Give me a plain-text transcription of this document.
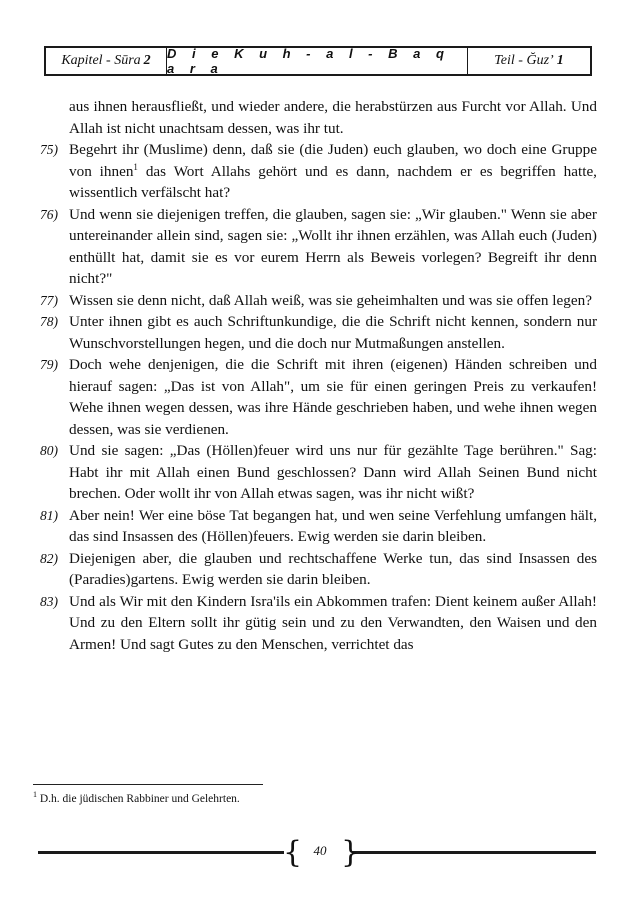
Kapitel - Sūra 2 D i e K u h - a l - B a q a r a
Teil - Ğuz’ 1

aus ihnen herausfließt, und wieder andere, die herabstürzen aus Furcht vor Allah. Und Allah ist nicht unachtsam dessen, was ihr tut.

75) Begehrt ihr (Muslime) denn, daß sie (die Juden) euch glauben, wo doch eine Gruppe von ihnen$^1$ das Wort Allahs gehört und es dann, nachdem er es begriffen hatte, wissentlich verfälscht hat?

76) Und wenn sie diejenigen treffen, die glauben, sagen sie: „Wir glauben." Wenn sie aber untereinander allein sind, sagen sie: „Wollt ihr ihnen erzählen, was Allah euch (Juden) enthüllt hat, damit sie es vor eurem Herrn als Beweis vorlegen? Begreift ihr denn nicht?"

77) Wissen sie denn nicht, daß Allah weiß, was sie geheimhalten und was sie offen legen?

78) Unter ihnen gibt es auch Schriftunkundige, die die Schrift nicht kennen, sondern nur Wunschvorstellungen hegen, und die doch nur Mutmaßungen anstellen.

79) Doch wehe denjenigen, die die Schrift mit ihren (eigenen) Händen schreiben und hierauf sagen: „Das ist von Allah", um sie für einen geringen Preis zu verkaufen! Wehe ihnen wegen dessen, was ihre Hände geschrieben haben, und wehe ihnen wegen dessen, was sie verdienen.

80) Und sie sagen: „Das (Höllen)feuer wird uns nur für gezählte Tage berühren." Sag: Habt ihr mit Allah einen Bund geschlossen? Dann wird Allah Seinen Bund nicht brechen. Oder wollt ihr von Allah etwas sagen, was ihr nicht wißt?

81) Aber nein! Wer eine böse Tat begangen hat, und wen seine Verfehlung umfangen hält, das sind Insassen des (Höllen)feuers. Ewig werden sie darin bleiben.

82) Diejenigen aber, die glauben und rechtschaffene Werke tun, das sind Insassen des (Paradies)gartens. Ewig werden sie darin bleiben.

83) Und als Wir mit den Kindern Isra'ils ein Abkommen trafen: Dient keinem außer Allah! Und zu den Eltern sollt ihr gütig sein und zu den Verwandten, den Waisen und den Armen! Und sagt Gutes zu den Menschen, verrichtet das

$^1$ D.h. die jüdischen Rabbiner und Gelehrten.
{ }
40
